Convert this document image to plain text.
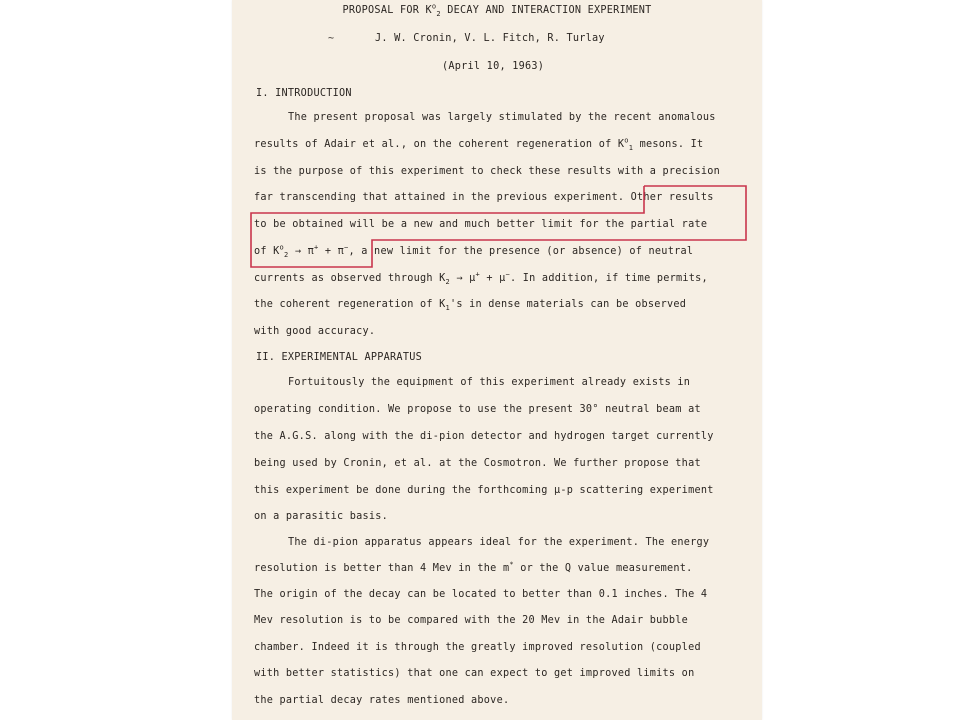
PROPOSAL FOR $K^o_2$ DECAY AND INTERACTION EXPERIMENT
~	J. W. Cronin, V. L. Fitch, R. Turlay
(April 10, 1963)
I. INTRODUCTION
The present proposal was largely stimulated by the recent anomalous
results of Adair et al., on the coherent regeneration of $K^o_1$ mesons. It
is the purpose of this experiment to check these results with a precision
far transcending that attained in the previous experiment. Other results
to be obtained will be a new and much better limit for the partial rate
of $K^o_2 \to \pi^+ + \pi^-$, a new limit for the presence (or absence) of neutral
currents as observed through $K_2 \to \mu^+ + \mu^-$. In addition, if time permits,
the coherent regeneration of $K_1's$ in dense materials can be observed
with good accuracy.
II. EXPERIMENTAL APPARATUS
Fortuitously the equipment of this experiment already exists in
operating condition. We propose to use the present 30° neutral beam at
the A.G.S. along with the di-pion detector and hydrogen target currently
being used by Cronin, et al. at the Cosmotron. We further propose that
this experiment be done during the forthcoming μ-p scattering experiment
on a parasitic basis.
The di-pion apparatus appears ideal for the experiment. The energy
resolution is better than 4 Mev in the m* or the Q value measurement.
The origin of the decay can be located to better than 0.1 inches. The 4
Mev resolution is to be compared with the 20 Mev in the Adair bubble
chamber. Indeed it is through the greatly improved resolution (coupled
with better statistics) that one can expect to get improved limits on
the partial decay rates mentioned above.
